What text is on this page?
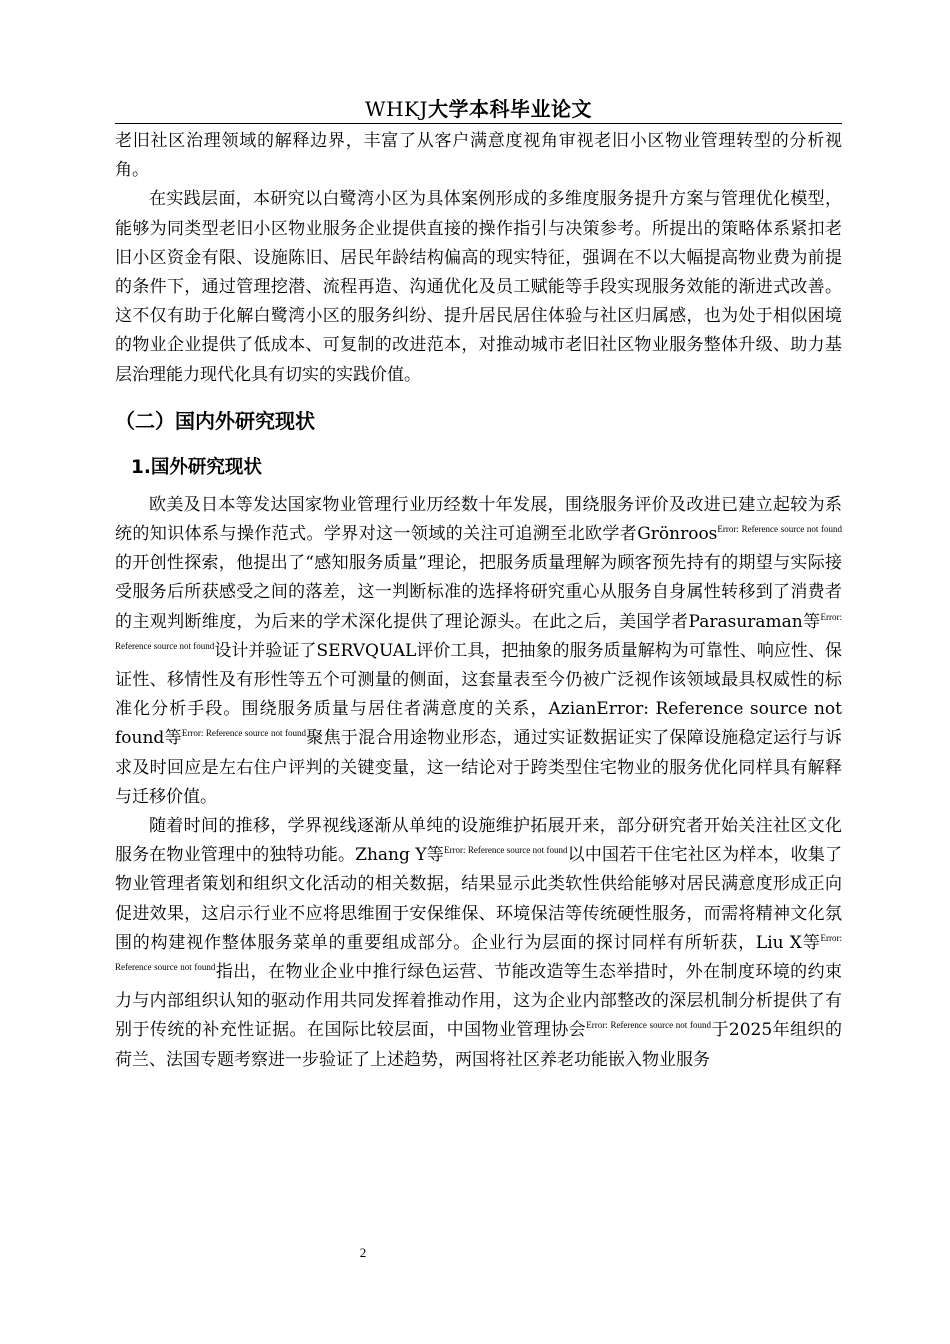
WHKJ大学本科毕业论文

老旧社区治理领域的解释边界，丰富了从客户满意度视角审视老旧小区物业管理转型的分析视角。

在实践层面，本研究以白鹭湾小区为具体案例形成的多维度服务提升方案与管理优化模型，能够为同类型老旧小区物业服务企业提供直接的操作指引与决策参考。所提出的策略体系紧扣老旧小区资金有限、设施陈旧、居民年龄结构偏高的现实特征，强调在不以大幅提高物业费为前提的条件下，通过管理挖潜、流程再造、沟通优化及员工赋能等手段实现服务效能的渐进式改善。这不仅有助于化解白鹭湾小区的服务纠纷、提升居民居住体验与社区归属感，也为处于相似困境的物业企业提供了低成本、可复制的改进范本，对推动城市老旧社区物业服务整体升级、助力基层治理能力现代化具有切实的实践价值。

（二）国内外研究现状
1.国外研究现状

欧美及日本等发达国家物业管理行业历经数十年发展，围绕服务评价及改进已建立起较为系统的知识体系与操作范式。学界对这一领域的关注可追溯至北欧学者Grönroos$^{Error: Reference source not found}$的开创性探索，他提出了“感知服务质量”理论，把服务质量理解为顾客预先持有的期望与实际接受服务后所获感受之间的落差，这一判断标准的选择将研究重心从服务自身属性转移到了消费者的主观判断维度，为后来的学术深化提供了理论源头。在此之后，美国学者Parasuraman等$^{Error: Reference source not found}$设计并验证了SERVQUAL评价工具，把抽象的服务质量解构为可靠性、响应性、保证性、移情性及有形性等五个可测量的侧面，这套量表至今仍被广泛视作该领域最具权威性的标准化分析手段。围绕服务质量与居住者满意度的关系，AzianError: Reference source not found等$^{Error: Reference source not found}$聚焦于混合用途物业形态，通过实证数据证实了保障设施稳定运行与诉求及时回应是左右住户评判的关键变量，这一结论对于跨类型住宅物业的服务优化同样具有解释与迁移价值。

随着时间的推移，学界视线逐渐从单纯的设施维护拓展开来，部分研究者开始关注社区文化服务在物业管理中的独特功能。Zhang Y等$^{Error: Reference source not found}$以中国若干住宅社区为样本，收集了物业管理者策划和组织文化活动的相关数据，结果显示此类软性供给能够对居民满意度形成正向促进效果，这启示行业不应将思维囿于安保维保、环境保洁等传统硬性服务，而需将精神文化氛围的构建视作整体服务菜单的重要组成部分。企业行为层面的探讨同样有所斩获，Liu X等$^{Error: Reference source not found}$指出，在物业企业中推行绿色运营、节能改造等生态举措时，外在制度环境的约束力与内部组织认知的驱动作用共同发挥着推动作用，这为企业内部整改的深层机制分析提供了有别于传统的补充性证据。在国际比较层面，中国物业管理协会$^{Error: Reference source not found}$于2025年组织的荷兰、法国专题考察进一步验证了上述趋势，两国将社区养老功能嵌入物业服务

2
